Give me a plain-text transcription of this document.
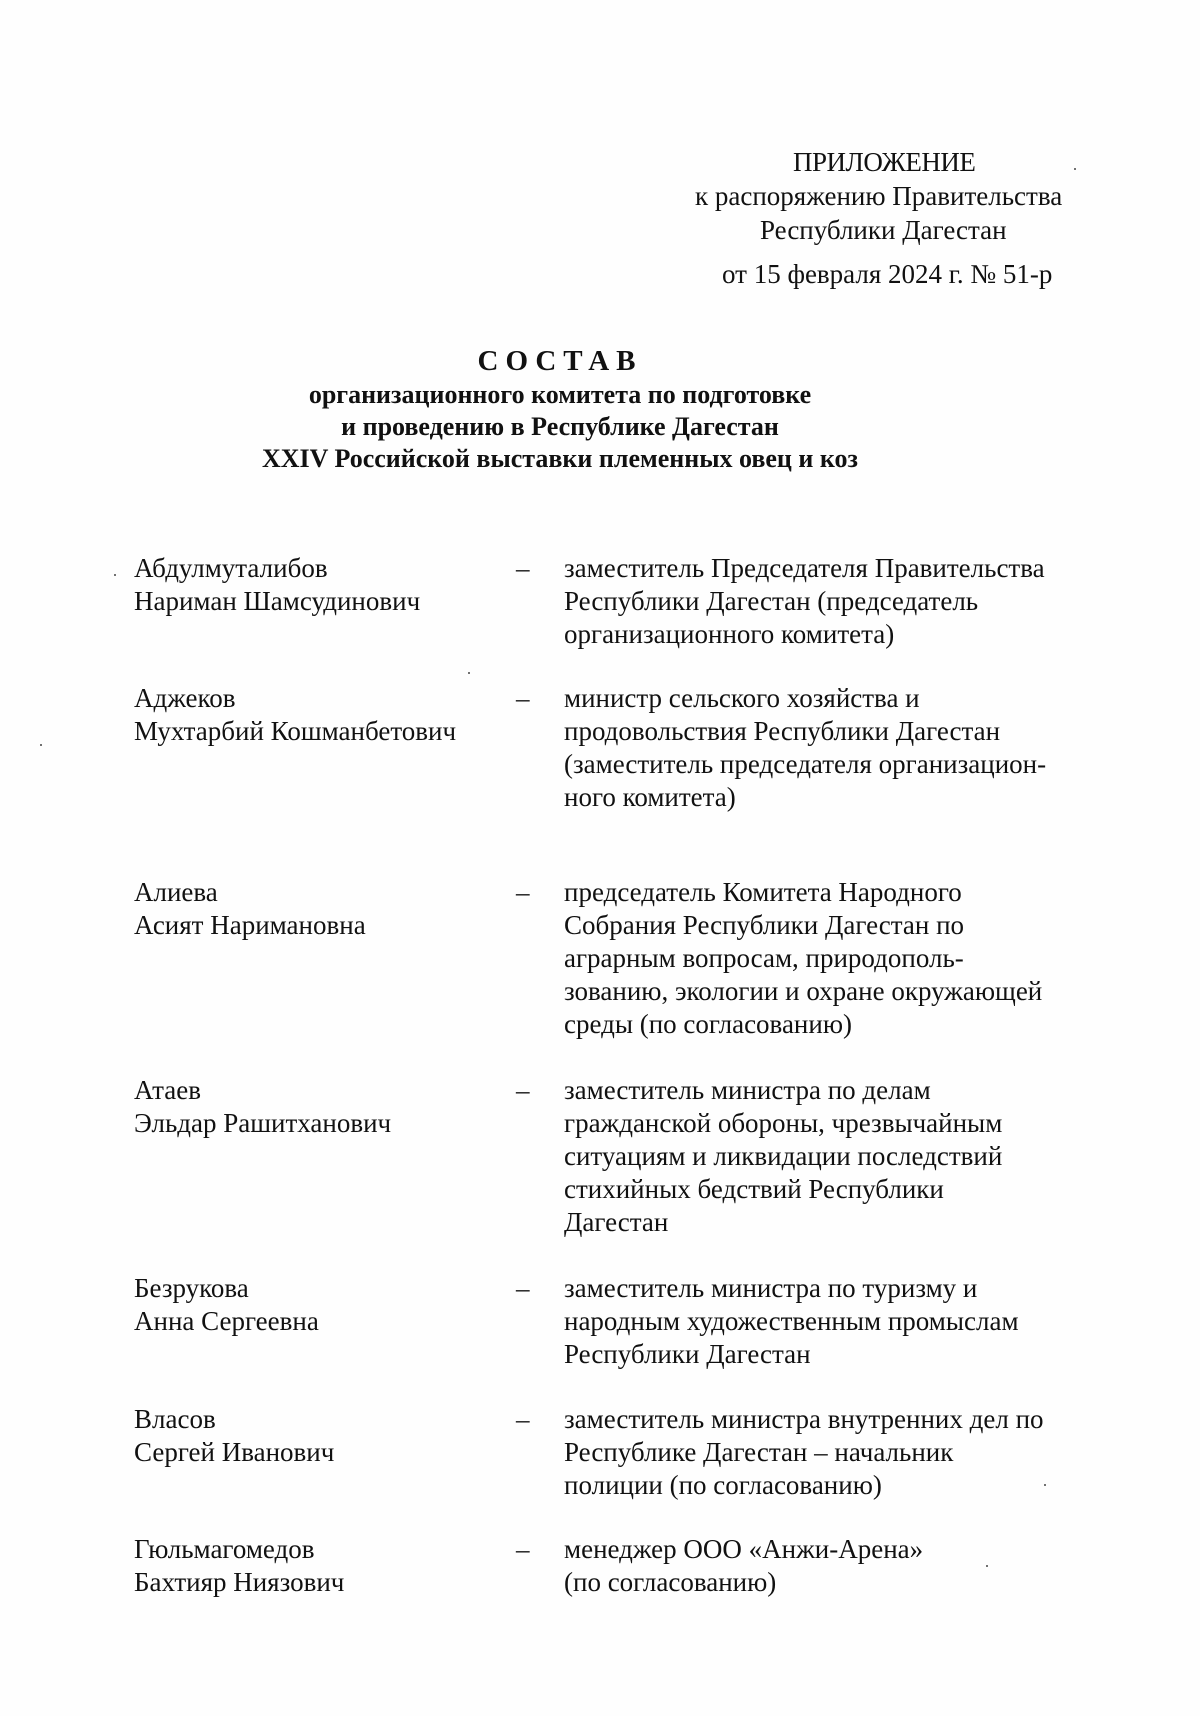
ПРИЛОЖЕНИЕ
к распоряжению Правительства
Республики Дагестан
от 15 февраля 2024 г. № 51-р
СОСТАВ
организационного комитета по подготовке
и проведению в Республике Дагестан
XXIV Российской выставки племенных овец и коз
Абдулмуталибов
Нариман Шамсудинович
–	заместитель Председателя Правительства
Республики Дагестан (председатель
организационного комитета)
Аджеков
Мухтарбий Кошманбетович
–	министр сельского хозяйства и
продовольствия Республики Дагестан
(заместитель председателя организацион-
ного комитета)
Алиева
Асият Наримановна
–	председатель Комитета Народного
Собрания Республики Дагестан по
аграрным вопросам, природополь-
зованию, экологии и охране окружающей
среды (по согласованию)
Атаев
Эльдар Рашитханович
–	заместитель министра по делам
гражданской обороны, чрезвычайным
ситуациям и ликвидации последствий
стихийных бедствий Республики
Дагестан
Безрукова
Анна Сергеевна
–	заместитель министра по туризму и
народным художественным промыслам
Республики Дагестан
Власов
Сергей Иванович
–	заместитель министра внутренних дел по
Республике Дагестан – начальник
полиции (по согласованию)
Гюльмагомедов
Бахтияр Ниязович
–	менеджер ООО «Анжи-Арена»
(по согласованию)
